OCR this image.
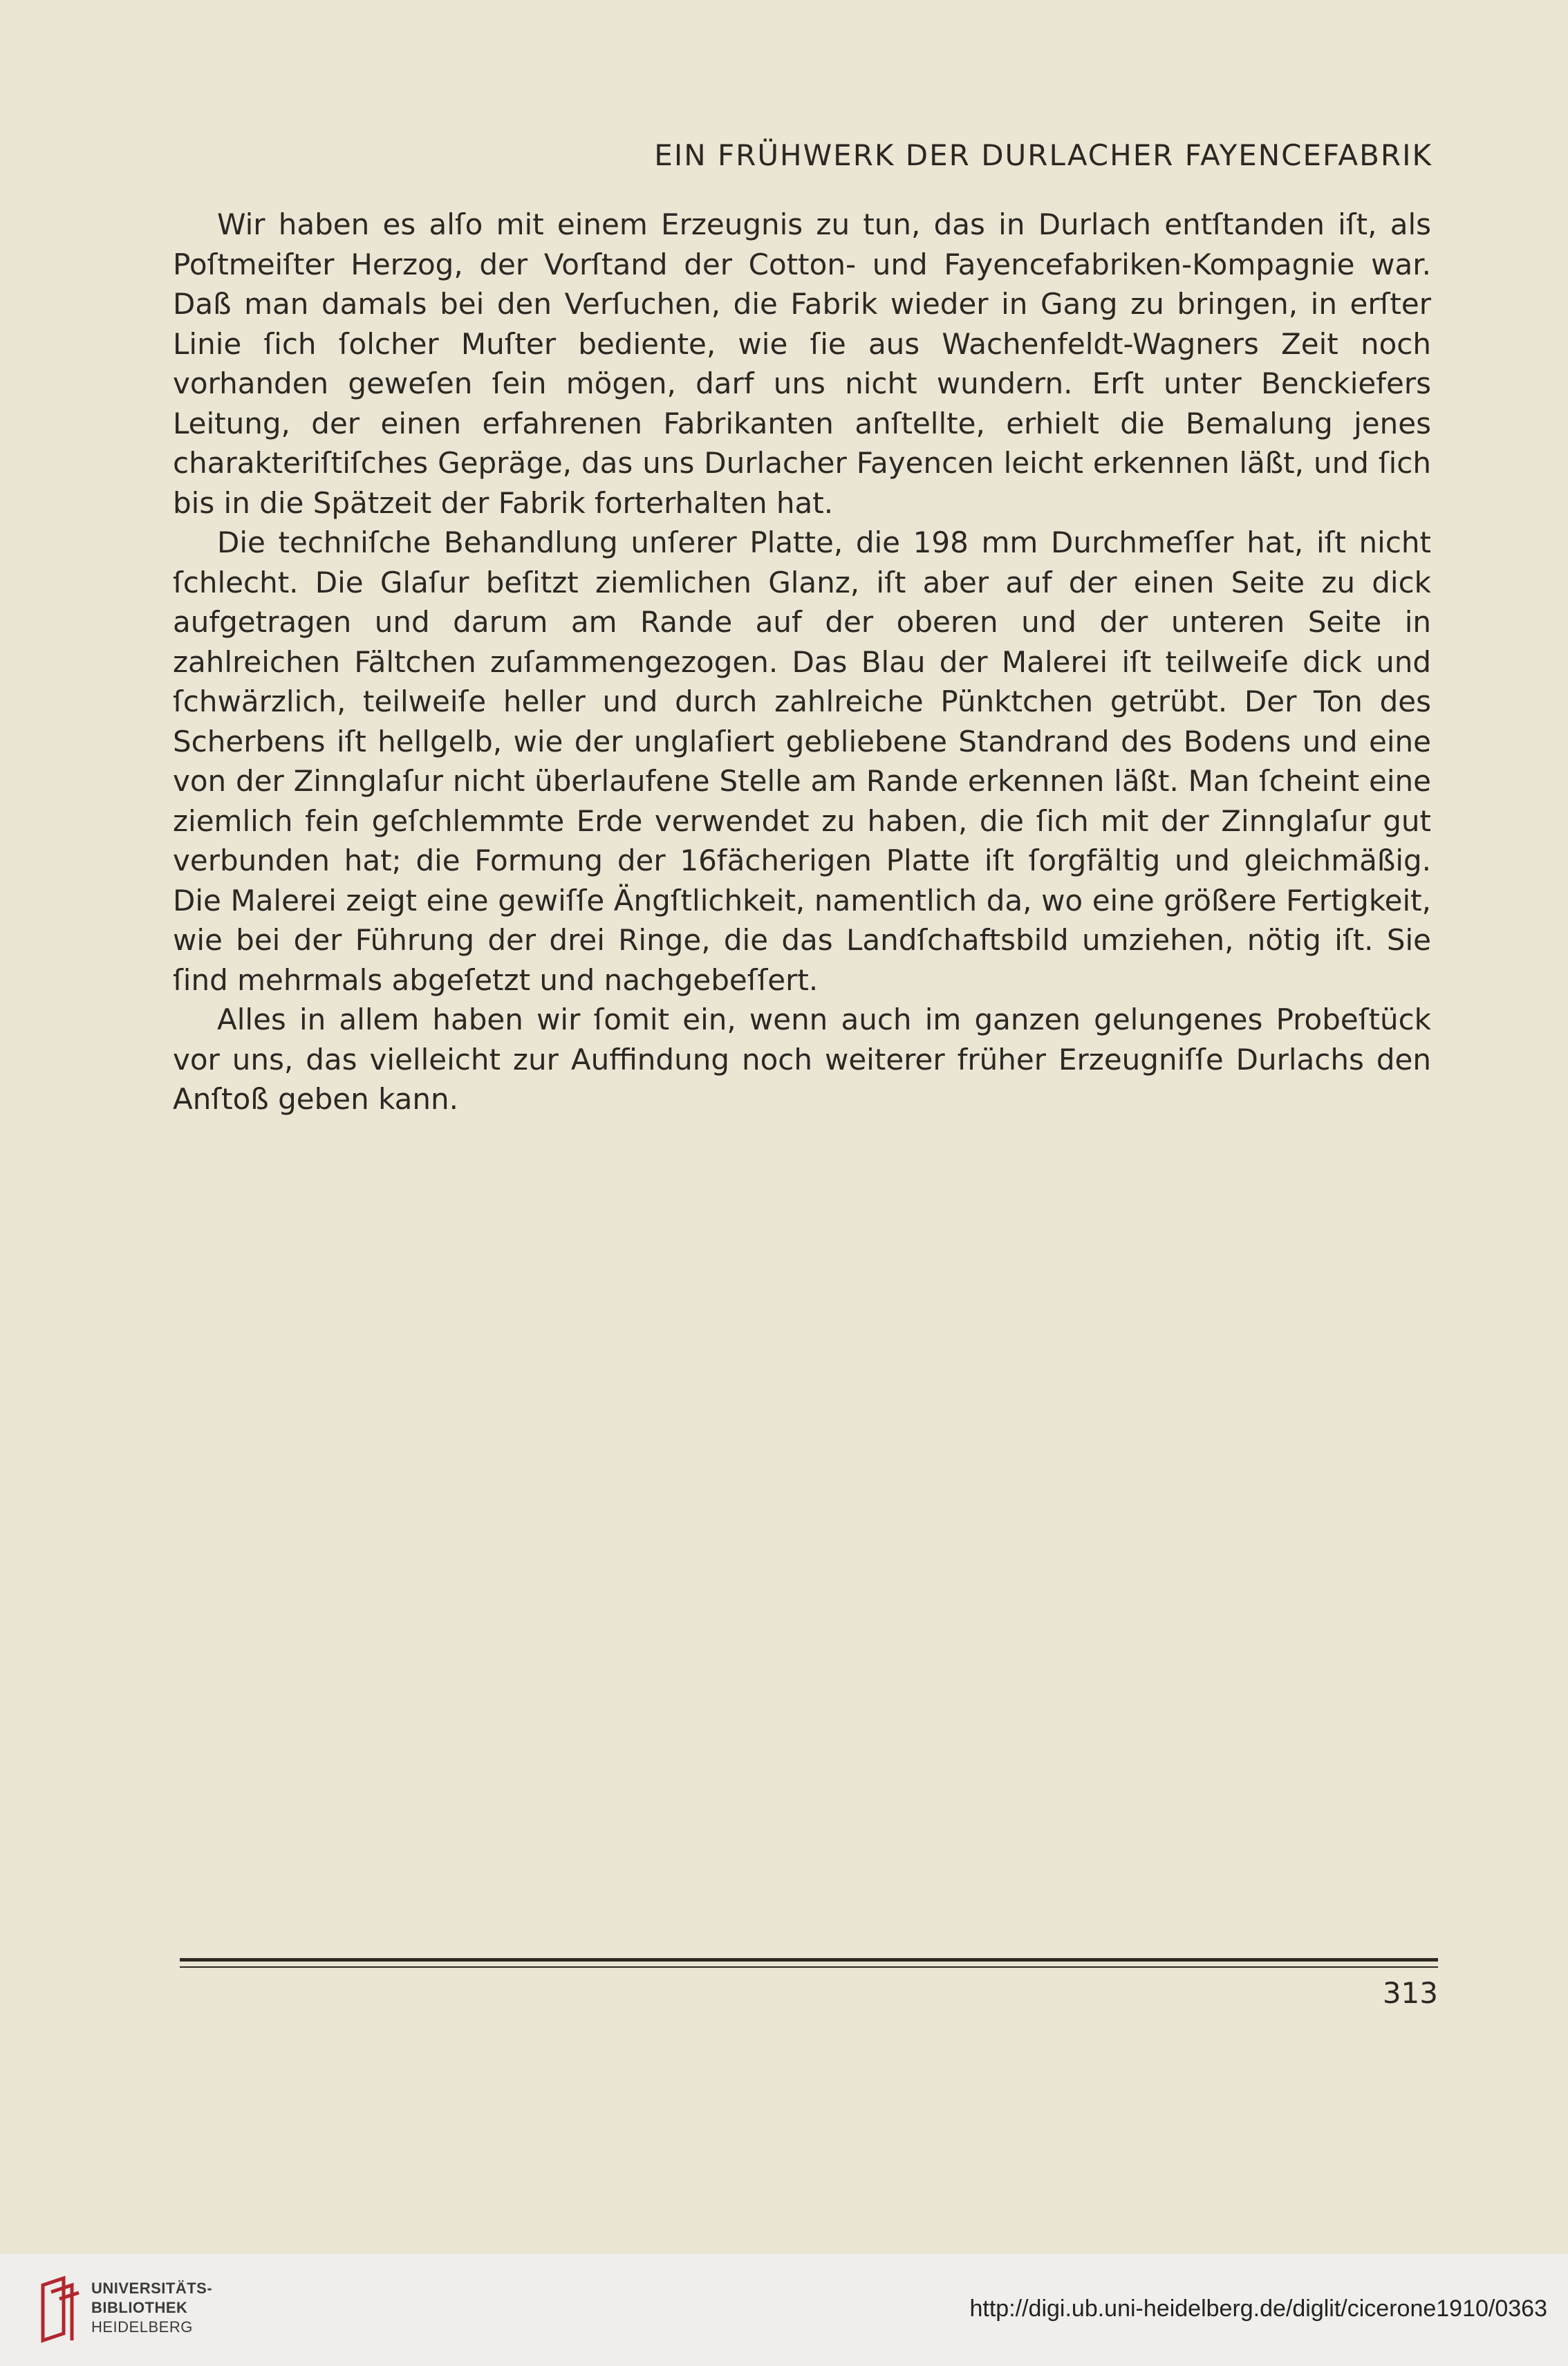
EIN FRÜHWERK DER DURLACHER FAYENCEFABRIK

Wir haben es alſo mit einem Erzeugnis zu tun, das in Durlach entſtanden iſt, als Poſtmeiſter Herzog, der Vorſtand der Cotton- und Fayencefabriken-Kompagnie war. Daß man damals bei den Verſuchen, die Fabrik wieder in Gang zu bringen, in erſter Linie ſich ſolcher Muſter bediente, wie ſie aus Wachenfeldt-Wagners Zeit noch vorhanden geweſen ſein mögen, darf uns nicht wundern. Erſt unter Benckiefers Leitung, der einen erfahrenen Fabrikanten anſtellte, erhielt die Bemalung jenes charakteriſtiſches Gepräge, das uns Durlacher Fayencen leicht erkennen läßt, und ſich bis in die Spätzeit der Fabrik forterhalten hat.

Die techniſche Behandlung unſerer Platte, die 198 mm Durchmeſſer hat, iſt nicht ſchlecht. Die Glaſur beſitzt ziemlichen Glanz, iſt aber auf der einen Seite zu dick aufgetragen und darum am Rande auf der oberen und der unteren Seite in zahlreichen Fältchen zuſammengezogen. Das Blau der Malerei iſt teilweiſe dick und ſchwärzlich, teilweiſe heller und durch zahlreiche Pünktchen getrübt. Der Ton des Scherbens iſt hellgelb, wie der unglaſiert gebliebene Standrand des Bodens und eine von der Zinnglaſur nicht überlaufene Stelle am Rande erkennen läßt. Man ſcheint eine ziemlich fein geſchlemmte Erde verwendet zu haben, die ſich mit der Zinnglaſur gut verbunden hat; die Formung der 16fächerigen Platte iſt ſorgfältig und gleichmäßig. Die Malerei zeigt eine gewiſſe Ängſtlichkeit, namentlich da, wo eine größere Fertigkeit, wie bei der Führung der drei Ringe, die das Landſchaftsbild umziehen, nötig iſt. Sie ſind mehrmals abgeſetzt und nachgebeſſert.

Alles in allem haben wir ſomit ein, wenn auch im ganzen gelungenes Probeſtück vor uns, das vielleicht zur Auffindung noch weiterer früher Erzeugniſſe Durlachs den Anſtoß geben kann.

313
UNIVERSITÄTS-
BIBLIOTHEK
HEIDELBERG
http://digi.ub.uni-heidelberg.de/diglit/cicerone1910/0363
